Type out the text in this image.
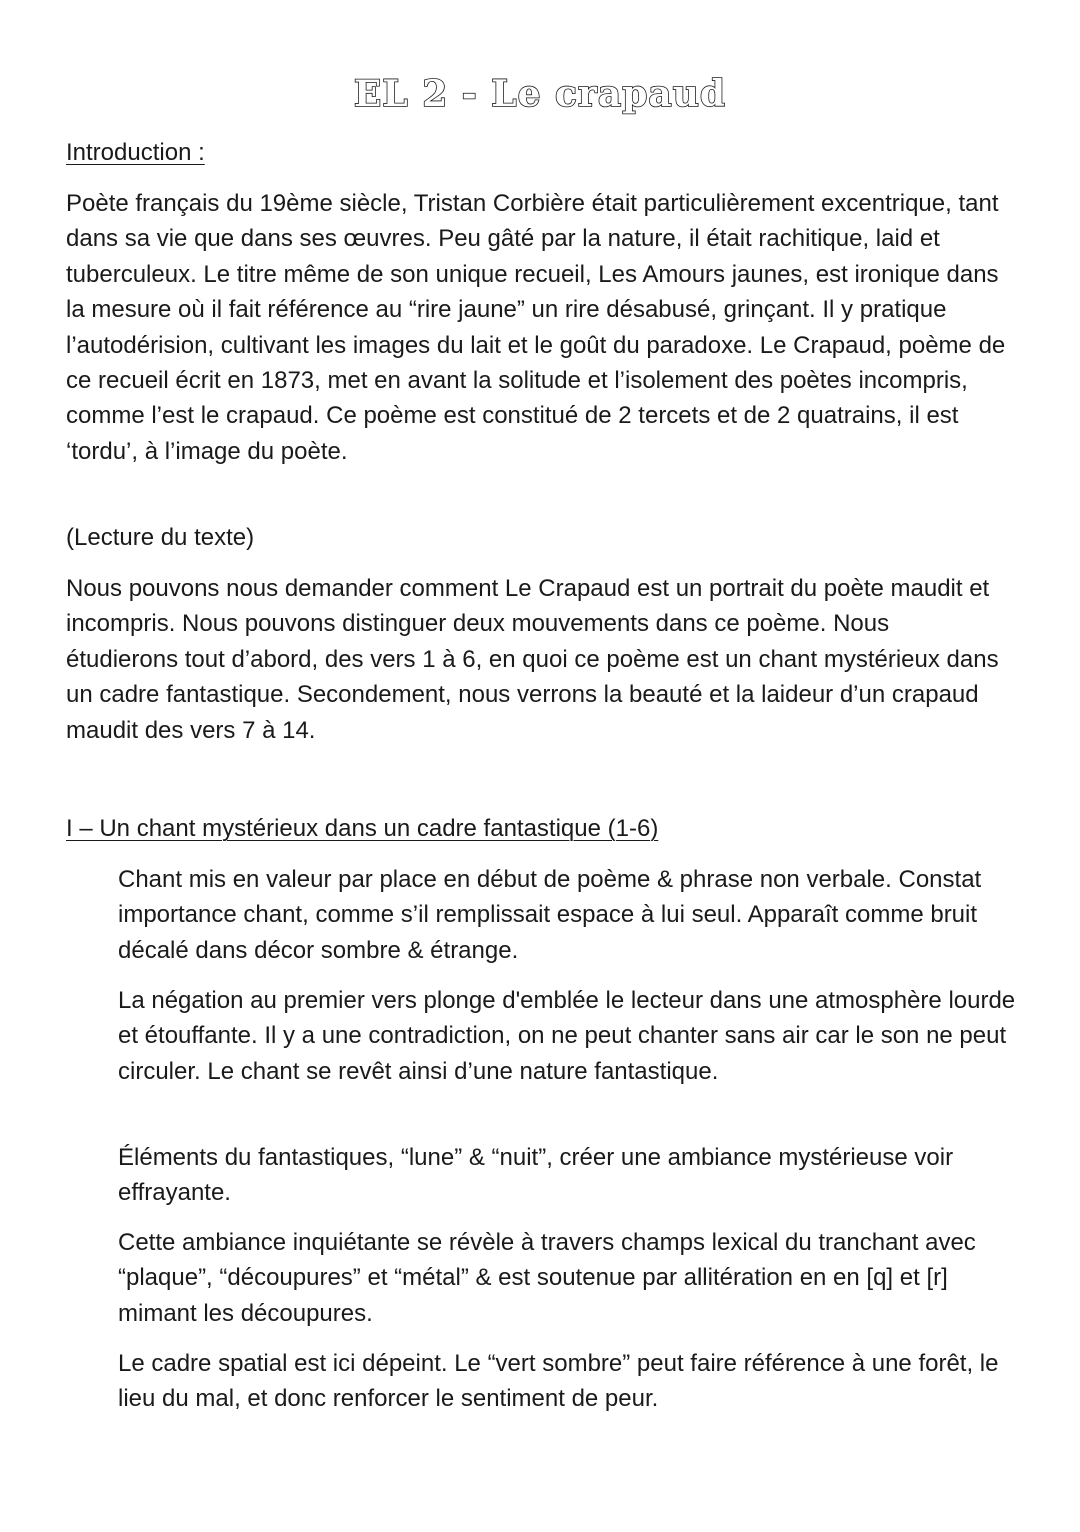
EL 2 - Le crapaud
Introduction :

Poète français du 19ème siècle, Tristan Corbière était particulièrement excentrique, tant dans sa vie que dans ses œuvres. Peu gâté par la nature, il était rachitique, laid et tuberculeux. Le titre même de son unique recueil, Les Amours jaunes, est ironique dans la mesure où il fait référence au “rire jaune” un rire désabusé, grinçant. Il y pratique l’autodérision, cultivant les images du lait et le goût du paradoxe. Le Crapaud, poème de ce recueil écrit en 1873, met en avant la solitude et l’isolement des poètes incompris, comme l’est le crapaud. Ce poème est constitué de 2 tercets et de 2 quatrains, il est ‘tordu’, à l’image du poète.

(Lecture du texte)

Nous pouvons nous demander comment Le Crapaud est un portrait du poète maudit et incompris. Nous pouvons distinguer deux mouvements dans ce poème. Nous étudierons tout d’abord, des vers 1 à 6, en quoi ce poème est un chant mystérieux dans un cadre fantastique. Secondement, nous verrons la beauté et la laideur d’un crapaud maudit des vers 7 à 14.

I – Un chant mystérieux dans un cadre fantastique (1-6)

Chant mis en valeur par place en début de poème & phrase non verbale. Constat importance chant, comme s’il remplissait espace à lui seul. Apparaît comme bruit décalé dans décor sombre & étrange.

La négation au premier vers plonge d'emblée le lecteur dans une atmosphère lourde et étouffante. Il y a une contradiction, on ne peut chanter sans air car le son ne peut circuler. Le chant se revêt ainsi d’une nature fantastique.

Éléments du fantastiques, “lune” & “nuit”, créer une ambiance mystérieuse voir effrayante.

Cette ambiance inquiétante se révèle à travers champs lexical du tranchant avec “plaque”, “découpures” et “métal” & est soutenue par allitération en en [q] et [r] mimant les découpures.

Le cadre spatial est ici dépeint. Le “vert sombre” peut faire référence à une forêt, le lieu du mal, et donc renforcer le sentiment de peur.
